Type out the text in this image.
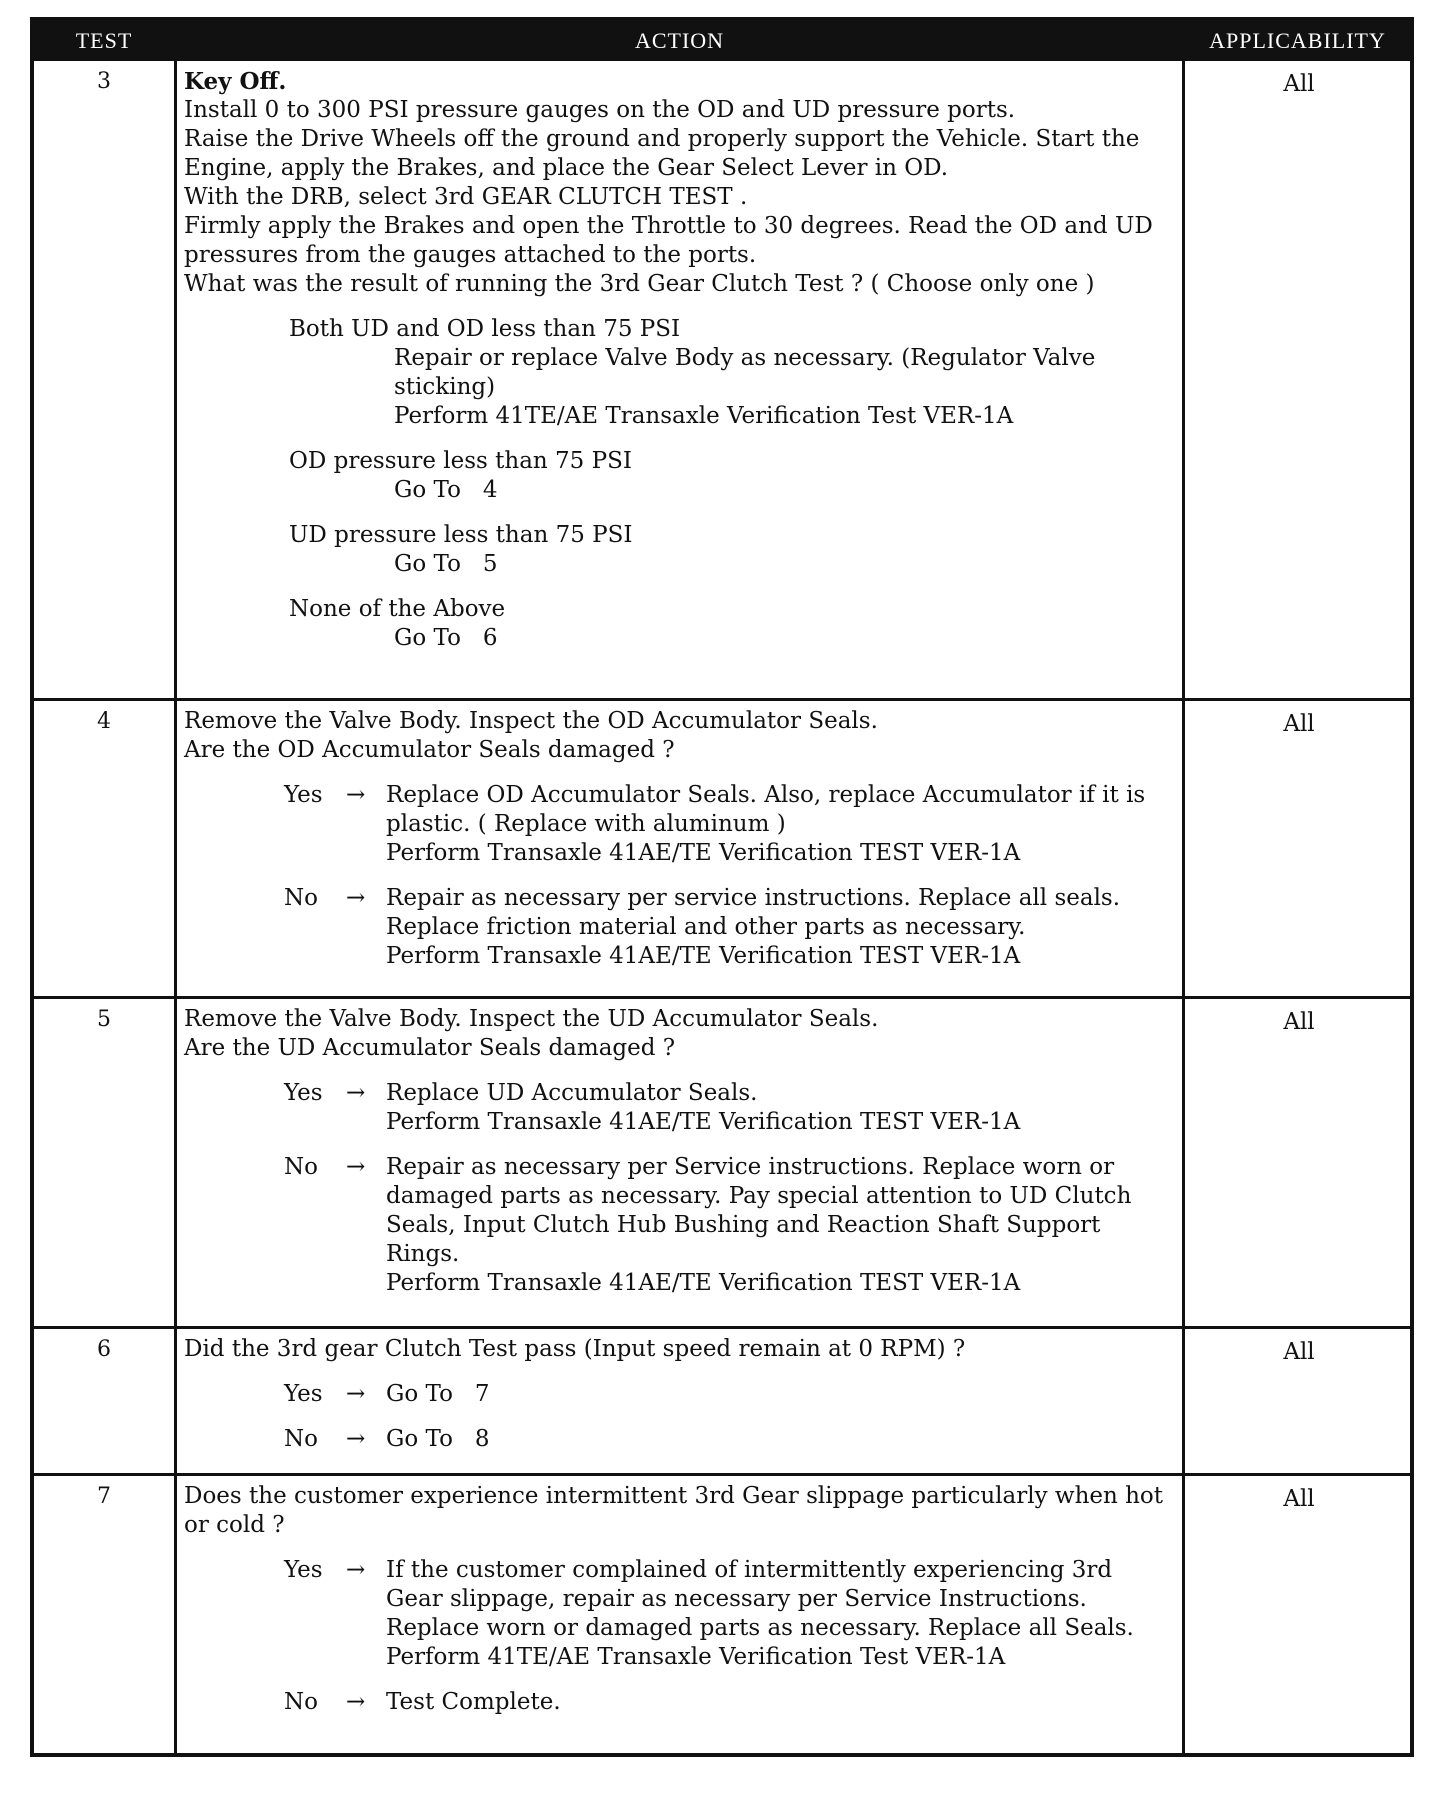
TEST	ACTION	APPLICABILITY
3	Key Off.
Install 0 to 300 PSI pressure gauges on the OD and UD pressure ports.
Raise the Drive Wheels off the ground and properly support the Vehicle. Start the
Engine, apply the Brakes, and place the Gear Select Lever in OD.
With the DRB, select 3rd GEAR CLUTCH TEST .
Firmly apply the Brakes and open the Throttle to 30 degrees. Read the OD and UD
pressures from the gauges attached to the ports.
What was the result of running the 3rd Gear Clutch Test ? ( Choose only one )
Both UD and OD less than 75 PSI
Repair or replace Valve Body as necessary. (Regulator Valve
sticking)
Perform 41TE/AE Transaxle Verification Test VER-1A
OD pressure less than 75 PSI
Go To   4
UD pressure less than 75 PSI
Go To   5
None of the Above
Go To   6
All
4	Remove the Valve Body. Inspect the OD Accumulator Seals.
Are the OD Accumulator Seals damaged ?
Yes	→ Replace OD Accumulator Seals. Also, replace Accumulator if it is
plastic. ( Replace with aluminum )
Perform Transaxle 41AE/TE Verification TEST VER-1A
No	→ Repair as necessary per service instructions. Replace all seals.
Replace friction material and other parts as necessary.
Perform Transaxle 41AE/TE Verification TEST VER-1A
All
5	Remove the Valve Body. Inspect the UD Accumulator Seals.
Are the UD Accumulator Seals damaged ?
Yes	→ Replace UD Accumulator Seals.
Perform Transaxle 41AE/TE Verification TEST VER-1A
No	→ Repair as necessary per Service instructions. Replace worn or
damaged parts as necessary. Pay special attention to UD Clutch
Seals, Input Clutch Hub Bushing and Reaction Shaft Support
Rings.
Perform Transaxle 41AE/TE Verification TEST VER-1A
All
6	Did the 3rd gear Clutch Test pass (Input speed remain at 0 RPM) ?
Yes	→ Go To   7
No	→ Go To   8
All
7	Does the customer experience intermittent 3rd Gear slippage particularly when hot
or cold ?
Yes	→ If the customer complained of intermittently experiencing 3rd
Gear slippage, repair as necessary per Service Instructions.
Replace worn or damaged parts as necessary. Replace all Seals.
Perform 41TE/AE Transaxle Verification Test VER-1A
No	→ Test Complete.
All
